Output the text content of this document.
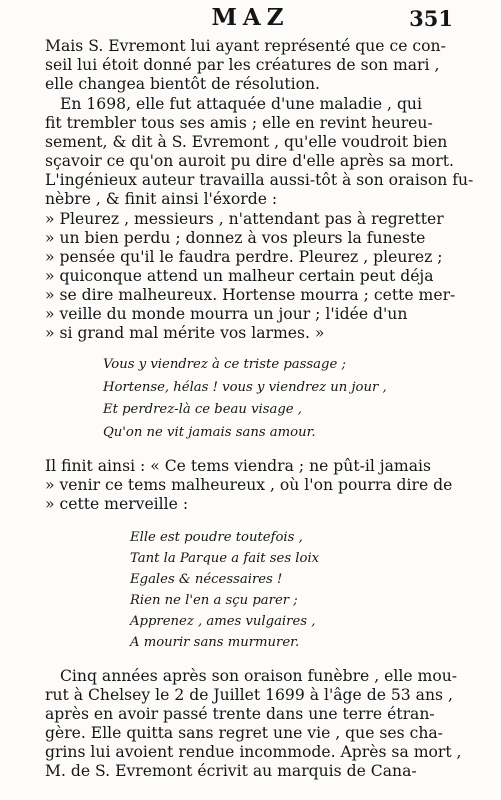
MAZ	351
Mais S. Evremont lui ayant représenté que ce con-
seil lui étoit donné par les créatures de son mari ,
elle changea bientôt de résolution.
En 1698, elle fut attaquée d'une maladie , qui
fit trembler tous ses amis ; elle en revint heureu-
sement, & dit à S. Evremont , qu'elle voudroit bien
sçavoir ce qu'on auroit pu dire d'elle après sa mort.
L'ingénieux auteur travailla aussi-tôt à son oraison fu-
nèbre , & finit ainsi l'éxorde :
» Pleurez , messieurs , n'attendant pas à regretter
» un bien perdu ; donnez à vos pleurs la funeste
» pensée qu'il le faudra perdre. Pleurez , pleurez ;
» quiconque attend un malheur certain peut déja
» se dire malheureux. Hortense mourra ; cette mer-
» veille du monde mourra un jour ; l'idée d'un
» si grand mal mérite vos larmes. »
Vous y viendrez à ce triste passage ;
Hortense, hélas ! vous y viendrez un jour ,
Et perdrez-là ce beau visage ,
Qu'on ne vit jamais sans amour.
Il finit ainsi : « Ce tems viendra ; ne pût-il jamais
» venir ce tems malheureux , où l'on pourra dire de
» cette merveille :
Elle est poudre toutefois ,
Tant la Parque a fait ses loix
Egales & nécessaires !
Rien ne l'en a sçu parer ;
Apprenez , ames vulgaires ,
A mourir sans murmurer.
Cinq années après son oraison funèbre , elle mou-
rut à Chelsey le 2 de Juillet 1699 à l'âge de 53 ans ,
après en avoir passé trente dans une terre étran-
gère. Elle quitta sans regret une vie , que ses cha-
grins lui avoient rendue incommode. Après sa mort ,
M. de S. Evremont écrivit au marquis de Cana-
